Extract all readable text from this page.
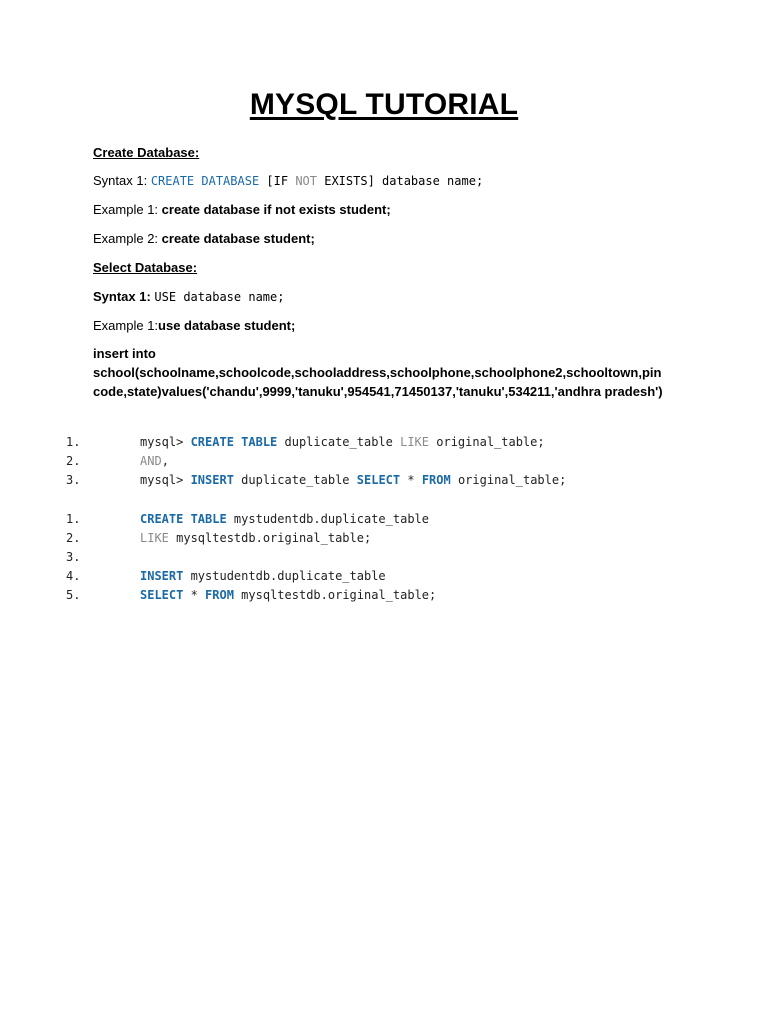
MYSQL TUTORIAL
Create Database:
Syntax 1: CREATE DATABASE [IF NOT EXISTS] database name;
Example 1: create database if not exists student;
Example 2: create database student;
Select Database:
Syntax 1: USE database name;
Example 1:use database student;
insert into school(schoolname,schoolcode,schooladdress,schoolphone,schoolphone2,schooltown,pin code,state)values('chandu',9999,'tanuku',954541,71450137,'tanuku',534211,'andhra pradesh')
1.	mysql> CREATE TABLE duplicate_table LIKE original_table;
2.	AND,
3.	mysql> INSERT duplicate_table SELECT * FROM original_table;
1.	CREATE TABLE mystudentdb.duplicate_table
2.	LIKE mysqltestdb.original_table;
3.
4.	INSERT mystudentdb.duplicate_table
5.	SELECT * FROM mysqltestdb.original_table;
